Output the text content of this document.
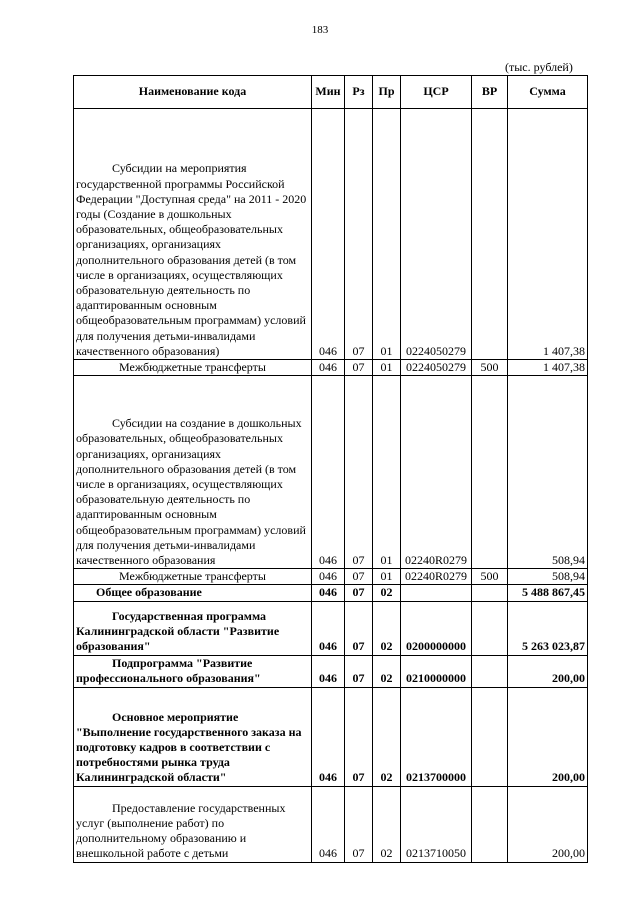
183
(тыс. рублей)
Наименование кода	Мин	Рз	Пр	ЦСР	ВР	Сумма

Субсидии на мероприятия государственной программы Российской Федерации "Доступная среда" на 2011 - 2020 годы (Создание в дошкольных образовательных, общеобразовательных организациях, организациях дополнительного образования детей (в том числе в организациях, осуществляющих образовательную деятельность по адаптированным основным общеобразовательным программам) условий для получения детьми-инвалидами качественного образования)	046	07	01	0224050279		1 407,38
Межбюджетные трансферты	046	07	01	0224050279	500	1 407,38

Субсидии на создание в дошкольных образовательных, общеобразовательных организациях, организациях дополнительного образования детей (в том числе в организациях, осуществляющих образовательную деятельность по адаптированным основным общеобразовательным программам) условий для получения детьми-инвалидами качественного образования	046	07	01	02240R0279		508,94
Межбюджетные трансферты	046	07	01	02240R0279	500	508,94
Общее образование	046	07	02			5 488 867,45

Государственная программа Калининградской области "Развитие образования"	046	07	02	0200000000		5 263 023,87

Подпрограмма "Развитие профессионального образования"	046	07	02	0210000000		200,00

Основное мероприятие "Выполнение государственного заказа на подготовку кадров в соответствии с потребностями рынка труда Калининградской области"	046	07	02	0213700000		200,00

Предоставление государственных услуг (выполнение работ) по дополнительному образованию и внешкольной работе с детьми	046	07	02	0213710050		200,00
